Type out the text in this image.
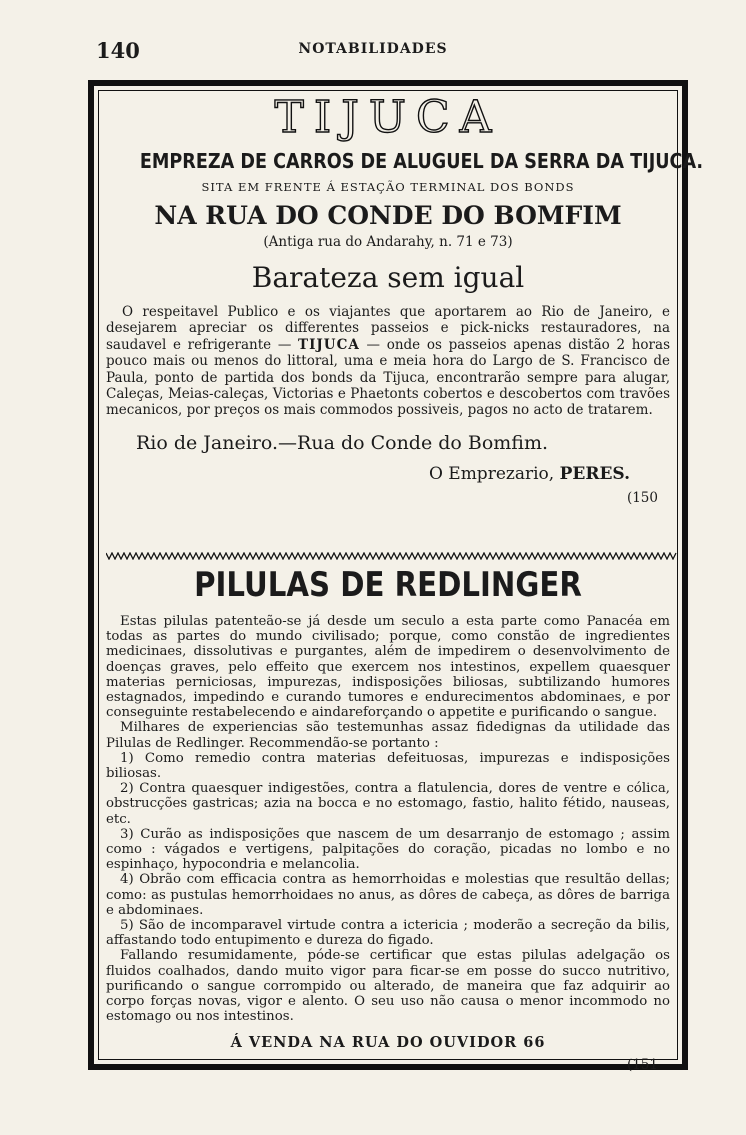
140	NOTABILIDADES
TIJUCA
EMPREZA DE CARROS DE ALUGUEL DA SERRA DA TIJUCA.
SITA EM FRENTE Á ESTAÇÃO TERMINAL DOS BONDS
NA RUA DO CONDE DO BOMFIM
(Antiga rua do Andarahy, n. 71 e 73)
Barateza sem igual

O respeitavel Publico e os viajantes que aportarem ao Rio de Janeiro, e desejarem apreciar os differentes passeios e pick-nicks restauradores, na saudavel e refrigerante — TIJUCA — onde os passeios apenas distão 2 horas pouco mais ou menos do littoral, uma e meia hora do Largo de S. Francisco de Paula, ponto de partida dos bonds da Tijuca, encontrarão sempre para alugar, Caleças, Meias-caleças, Victorias e Phaetonts cobertos e descobertos com travões mecanicos, por preços os mais commodos possiveis, pagos no acto de tratarem.

Rio de Janeiro.—Rua do Conde do Bomfim.
O Emprezario, PERES.
(150
PILULAS DE REDLINGER

Estas pilulas patenteão-se já desde um seculo a esta parte como Panacéa em todas as partes do mundo civilisado; porque, como constão de ingredientes medicinaes, dissolutivas e purgantes, além de impedirem o desenvolvimento de doenças graves, pelo effeito que exercem nos intestinos, expellem quaesquer materias perniciosas, impurezas, indisposições biliosas, subtilizando humores estagnados, impedindo e curando tumores e endurecimentos abdominaes, e por conseguinte restabelecendo e aindareforçando o appetite e purificando o sangue.

Milhares de experiencias são testemunhas assaz fidedignas da utilidade das Pilulas de Redlinger. Recommendão-se portanto :

1) Como remedio contra materias defeituosas, impurezas e indisposições biliosas.

2) Contra quaesquer indigestões, contra a flatulencia, dores de ventre e cólica, obstrucções gastricas; azia na bocca e no estomago, fastio, halito fétido, nauseas, etc.

3) Curão as indisposições que nascem de um desarranjo de estomago ; assim como : vágados e vertigens, palpitações do coração, picadas no lombo e no espinhaço, hypocondria e melancolia.

4) Obrão com efficacia contra as hemorrhoidas e molestias que resultão dellas; como: as pustulas hemorrhoidaes no anus, as dôres de cabeça, as dôres de barriga e abdominaes.

5) São de incomparavel virtude contra a ictericia ; moderão a secreção da bilis, affastando todo entupimento e dureza do figado.

Fallando resumidamente, póde-se certificar que estas pilulas adelgação os fluidos coalhados, dando muito vigor para ficar-se em posse do succo nutritivo, purificando o sangue corrompido ou alterado, de maneira que faz adquirir ao corpo forças novas, vigor e alento. O seu uso não causa o menor incommodo no estomago ou nos intestinos.

Á VENDA NA RUA DO OUVIDOR 66
(151
